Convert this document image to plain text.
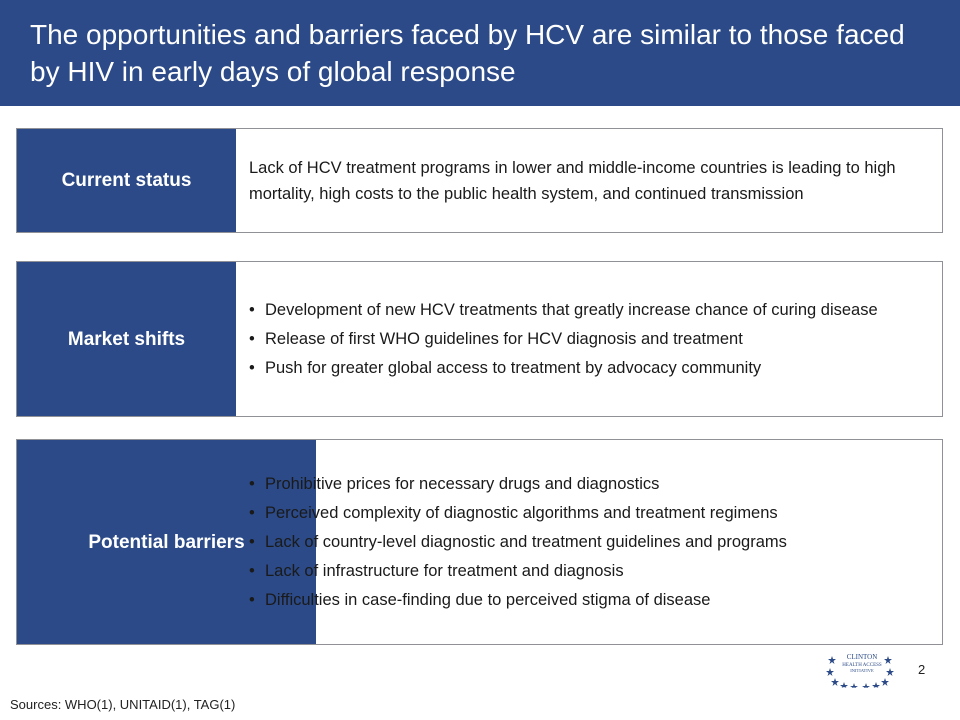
The opportunities and barriers faced by HCV are similar to those faced by HIV in early days of global response
Current status

Lack of HCV treatment programs in lower and middle-income countries is leading to high mortality, high costs to the public health system, and continued transmission

Market shifts
• Development of new HCV treatments that greatly increase chance of curing disease
• Release of first WHO guidelines for HCV diagnosis and treatment
• Push for greater global access to treatment by advocacy community
Potential barriers
• Prohibitive prices for necessary drugs and diagnostics
• Perceived complexity of diagnostic algorithms and treatment regimens
• Lack of country-level diagnostic and treatment guidelines and programs
• Lack of infrastructure for treatment and diagnosis
• Difficulties in case-finding due to perceived stigma of disease
CLINTON
HEALTH ACCESS
INITIATIVE	2
Sources: WHO(1), UNITAID(1), TAG(1)
